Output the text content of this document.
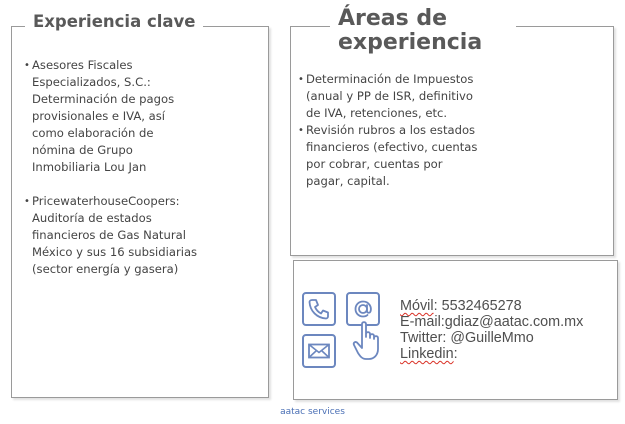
Experiencia clave
• Asesores Fiscales Especializados, S.C.: Determinación de pagos provisionales e IVA, así como elaboración de nómina de Grupo Inmobiliaria Lou Jan
• PricewaterhouseCoopers: Auditoría de estados financieros de Gas Natural México y sus 16 subsidiarias (sector energía y gasera)
Áreas de experiencia
• Determinación de Impuestos (anual y PP de ISR, definitivo de IVA, retenciones, etc.
• Revisión rubros a los estados financieros (efectivo, cuentas por cobrar, cuentas por pagar, capital.
Móvil: 5532465278
E-mail:gdiaz@aatac.com.mx
Twitter: @GuilleMmo
Linkedin:
aatac services
